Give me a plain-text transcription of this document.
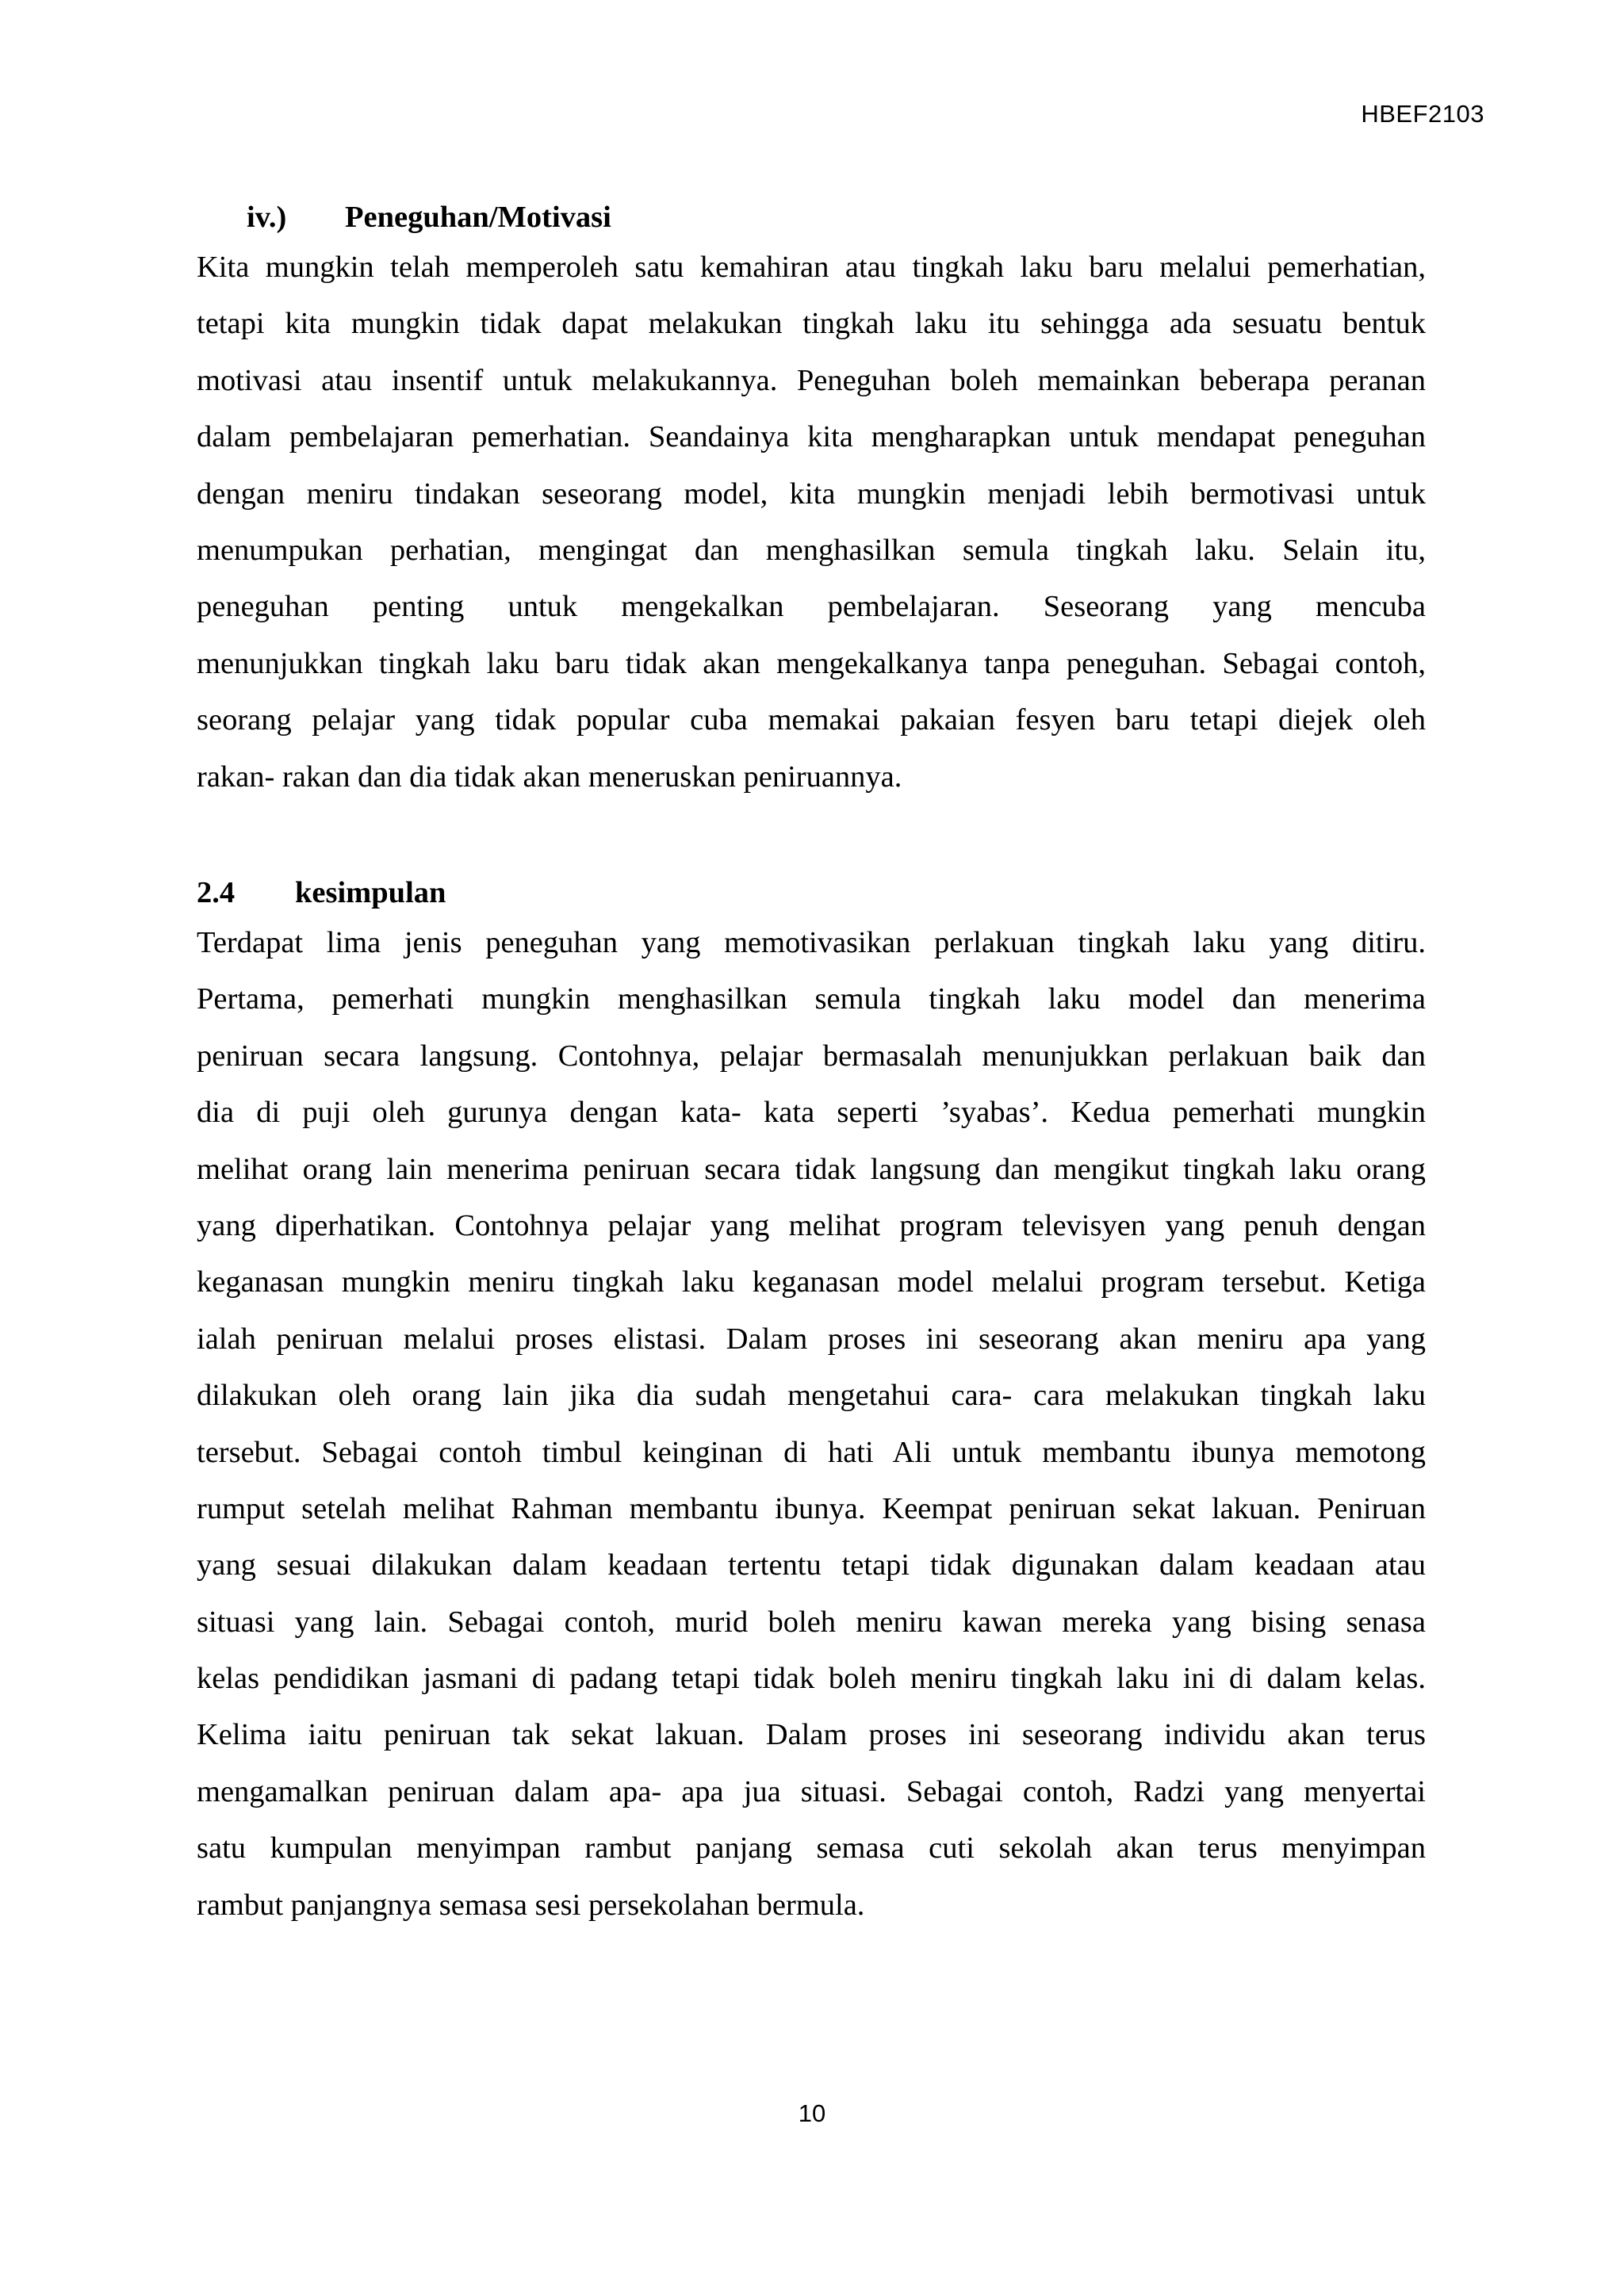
HBEF2103
iv.) Peneguhan/Motivasi

Kita mungkin telah memperoleh satu kemahiran atau tingkah laku baru melalui pemerhatian,

tetapi kita mungkin tidak dapat melakukan tingkah laku itu sehingga ada sesuatu bentuk

motivasi atau insentif untuk melakukannya. Peneguhan boleh memainkan beberapa peranan

dalam pembelajaran pemerhatian. Seandainya kita mengharapkan untuk mendapat peneguhan

dengan meniru tindakan seseorang model, kita mungkin menjadi lebih bermotivasi untuk

menumpukan perhatian, mengingat dan menghasilkan semula tingkah laku. Selain itu,

peneguhan penting untuk mengekalkan pembelajaran. Seseorang yang mencuba

menunjukkan tingkah laku baru tidak akan mengekalkanya tanpa peneguhan. Sebagai contoh,

seorang pelajar yang tidak popular cuba memakai pakaian fesyen baru tetapi diejek oleh

rakan- rakan dan dia tidak akan meneruskan peniruannya.

2.4 kesimpulan

Terdapat lima jenis peneguhan yang memotivasikan perlakuan tingkah laku yang ditiru.

Pertama, pemerhati mungkin menghasilkan semula tingkah laku model dan menerima

peniruan secara langsung. Contohnya, pelajar bermasalah menunjukkan perlakuan baik dan

dia di puji oleh gurunya dengan kata- kata seperti ’syabas’. Kedua pemerhati mungkin

melihat orang lain menerima peniruan secara tidak langsung dan mengikut tingkah laku orang

yang diperhatikan. Contohnya pelajar yang melihat program televisyen yang penuh dengan

keganasan mungkin meniru tingkah laku keganasan model melalui program tersebut. Ketiga

ialah peniruan melalui proses elistasi. Dalam proses ini seseorang akan meniru apa yang

dilakukan oleh orang lain jika dia sudah mengetahui cara- cara melakukan tingkah laku

tersebut. Sebagai contoh timbul keinginan di hati Ali untuk membantu ibunya memotong

rumput setelah melihat Rahman membantu ibunya. Keempat peniruan sekat lakuan. Peniruan

yang sesuai dilakukan dalam keadaan tertentu tetapi tidak digunakan dalam keadaan atau

situasi yang lain. Sebagai contoh, murid boleh meniru kawan mereka yang bising senasa

kelas pendidikan jasmani di padang tetapi tidak boleh meniru tingkah laku ini di dalam kelas.

Kelima iaitu peniruan tak sekat lakuan. Dalam proses ini seseorang individu akan terus

mengamalkan peniruan dalam apa- apa jua situasi. Sebagai contoh, Radzi yang menyertai

satu kumpulan menyimpan rambut panjang semasa cuti sekolah akan terus menyimpan

rambut panjangnya semasa sesi persekolahan bermula.

10
